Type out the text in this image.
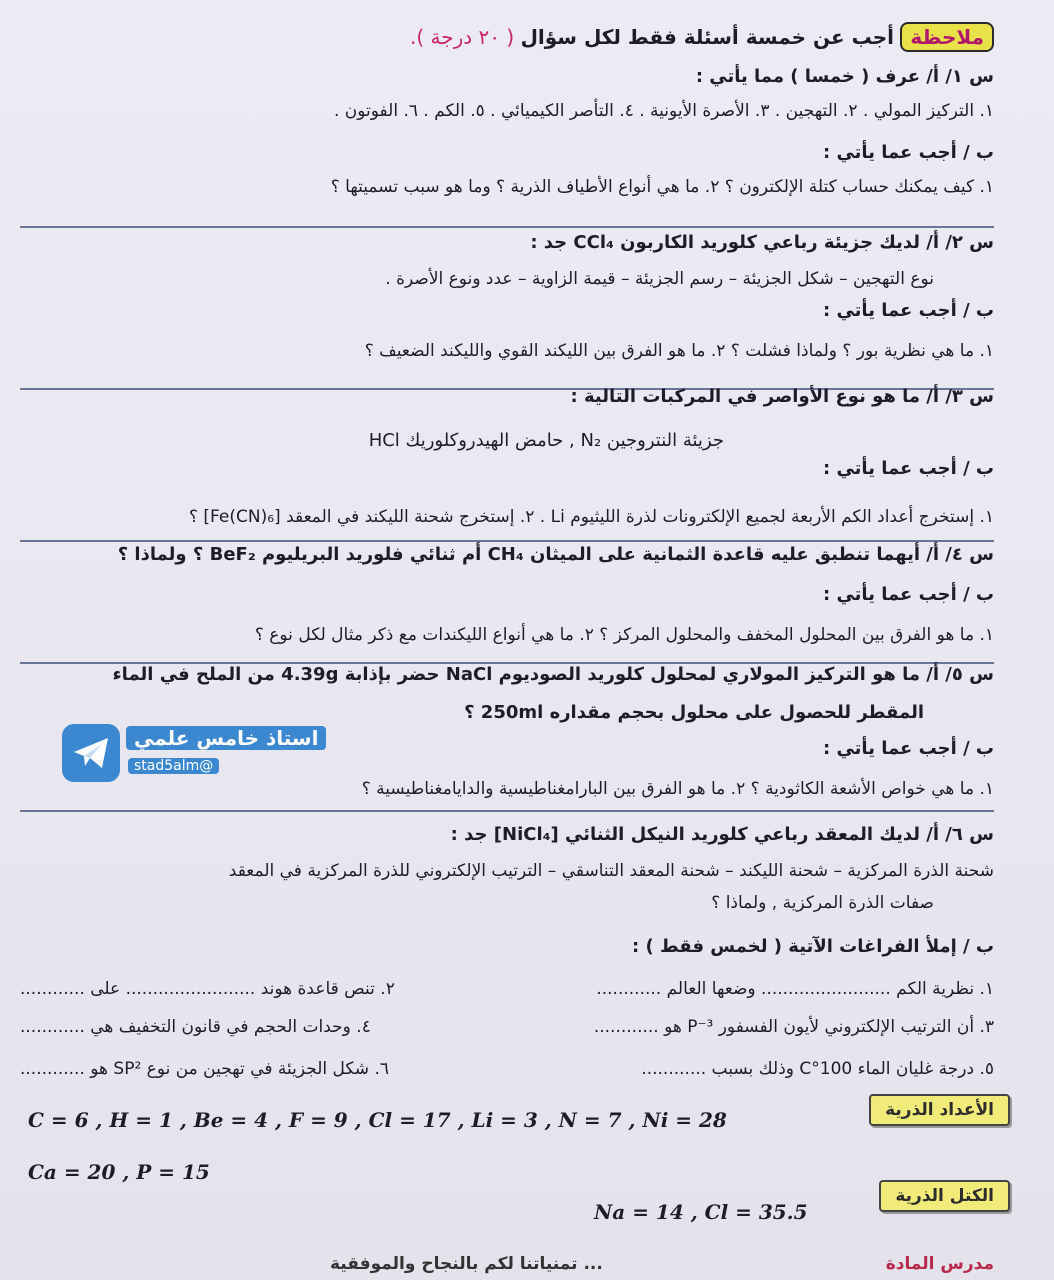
ملاحظة أجب عن خمسة أسئلة فقط لكل سؤال ( ٢٠ درجة ).
س ١/ أ/ عرف ( خمسا ) مما يأتي :
١. التركيز المولي . ٢. التهجين . ٣. الأصرة الأيونية . ٤. التأصر الكيميائي . ٥. الكم . ٦. الفوتون .
ب / أجب عما يأتي :
١. كيف يمكنك حساب كتلة الإلكترون ؟ ٢. ما هي أنواع الأطياف الذرية ؟ وما هو سبب تسميتها ؟
س ٢/ أ/ لديك جزيئة رباعي كلوريد الكاربون CCl₄ جد :
نوع التهجين – شكل الجزيئة – رسم الجزيئة – قيمة الزاوية – عدد ونوع الأصرة .
ب / أجب عما يأتي :
١. ما هي نظرية بور ؟ ولماذا فشلت ؟ ٢. ما هو الفرق بين الليكند القوي والليكند الضعيف ؟
س ٣/ أ/ ما هو نوع الأواصر في المركبات التالية :
جزيئة النتروجين N₂ , حامض الهيدروكلوريك HCl
ب / أجب عما يأتي :
١. إستخرج أعداد الكم الأربعة لجميع الإلكترونات لذرة الليثيوم Li . ٢. إستخرج شحنة الليكند في المعقد [Fe(CN)₆] ؟
س ٤/ أ/ أيهما تنطبق عليه قاعدة الثمانية على الميثان CH₄ أم ثنائي فلوريد البريليوم BeF₂ ؟ ولماذا ؟
ب / أجب عما يأتي :
١. ما هو الفرق بين المحلول المخفف والمحلول المركز ؟ ٢. ما هي أنواع الليكندات مع ذكر مثال لكل نوع ؟
س ٥/ أ/ ما هو التركيز المولاري لمحلول كلوريد الصوديوم NaCl حضر بإذابة 4.39g من الملح في الماء
المقطر للحصول على محلول بحجم مقداره 250ml ؟
ب / أجب عما يأتي :
١. ما هي خواص الأشعة الكاثودية ؟ ٢. ما هو الفرق بين البارامغناطيسية والدايامغناطيسية ؟
س ٦/ أ/ لديك المعقد رباعي كلوريد النيكل الثنائي [NiCl₄] جد :
شحنة الذرة المركزية – شحنة الليكند – شحنة المعقد التناسقي – الترتيب الإلكتروني للذرة المركزية في المعقد
صفات الذرة المركزية , ولماذا ؟
ب / إملأ الفراغات الآتية ( لخمس فقط ) :
١. نظرية الكم ........................ وضعها العالم ............
٢. تنص قاعدة هوند ........................ على ............
٣. أن الترتيب الإلكتروني لأيون الفسفور P⁻³ هو ............
٤. وحدات الحجم في قانون التخفيف هي ............
٥. درجة غليان الماء 100°C وذلك بسبب ............
٦. شكل الجزيئة في تهجين من نوع SP² هو ............
الأعداد الذرية
C = 6 , H = 1 , Be = 4 , F = 9 , Cl = 17 , Li = 3 , N = 7 , Ni = 28
Ca = 20 , P = 15
الكتل الذرية
Na = 14 , Cl = 35.5
استاذ خامس علمي
@stad5alm
مدرس المادة
... تمنياتنا لكم بالنجاح والموفقية
